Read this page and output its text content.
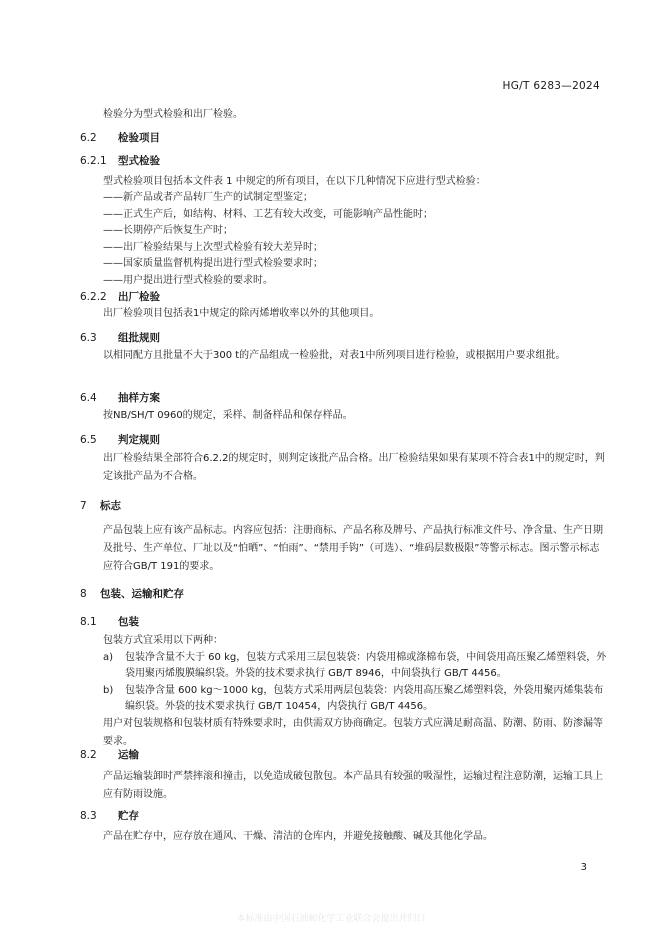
HG/T 6283—2024
检验分为型式检验和出厂检验。
6.2 检验项目
6.2.1 型式检验
型式检验项目包括本文件表 1 中规定的所有项目，在以下几种情况下应进行型式检验：
——新产品或者产品转厂生产的试制定型鉴定；
——正式生产后，如结构、材料、工艺有较大改变，可能影响产品性能时；
——长期停产后恢复生产时；
——出厂检验结果与上次型式检验有较大差异时；
——国家质量监督机构提出进行型式检验要求时；
——用户提出进行型式检验的要求时。
6.2.2 出厂检验
出厂检验项目包括表1中规定的除丙烯增收率以外的其他项目。
6.3 组批规则
以相同配方且批量不大于300 t的产品组成一检验批，对表1中所列项目进行检验，或根据用户要求组批。
6.4 抽样方案
按NB/SH/T 0960的规定，采样、制备样品和保存样品。
6.5 判定规则
出厂检验结果全部符合6.2.2的规定时，则判定该批产品合格。出厂检验结果如果有某项不符合表1中的规定时，判定该批产品为不合格。
7 标志
产品包装上应有该产品标志。内容应包括：注册商标、产品名称及牌号、产品执行标准文件号、净含量、生产日期及批号、生产单位、厂址以及“怕晒”、“怕雨”、“禁用手钩”（可选）、“堆码层数极限”等警示标志。图示警示标志应符合GB/T 191的要求。
8 包装、运输和贮存
8.1 包装
包装方式宜采用以下两种：
a) 包装净含量不大于 60 kg，包装方式采用三层包装袋：内袋用棉或涤棉布袋，中间袋用高压聚乙烯塑料袋，外袋用聚丙烯腹膜编织袋。外袋的技术要求执行 GB/T 8946，中间袋执行 GB/T 4456。
b) 包装净含量 600 kg～1000 kg，包装方式采用两层包装袋：内袋用高压聚乙烯塑料袋，外袋用聚丙烯集装布编织袋。外袋的技术要求执行 GB/T 10454，内袋执行 GB/T 4456。
用户对包装规格和包装材质有特殊要求时，由供需双方协商确定。包装方式应满足耐高温、防潮、防雨、防渗漏等要求。
8.2 运输
产品运输装卸时严禁摔滚和撞击，以免造成破包散包。本产品具有较强的吸湿性，运输过程注意防潮，运输工具上应有防雨设施。
8.3 贮存
产品在贮存中，应存放在通风、干燥、清洁的仓库内，并避免接触酸、碱及其他化学品。
3
本标准由中国石油和化学工业联合会提出并归口
